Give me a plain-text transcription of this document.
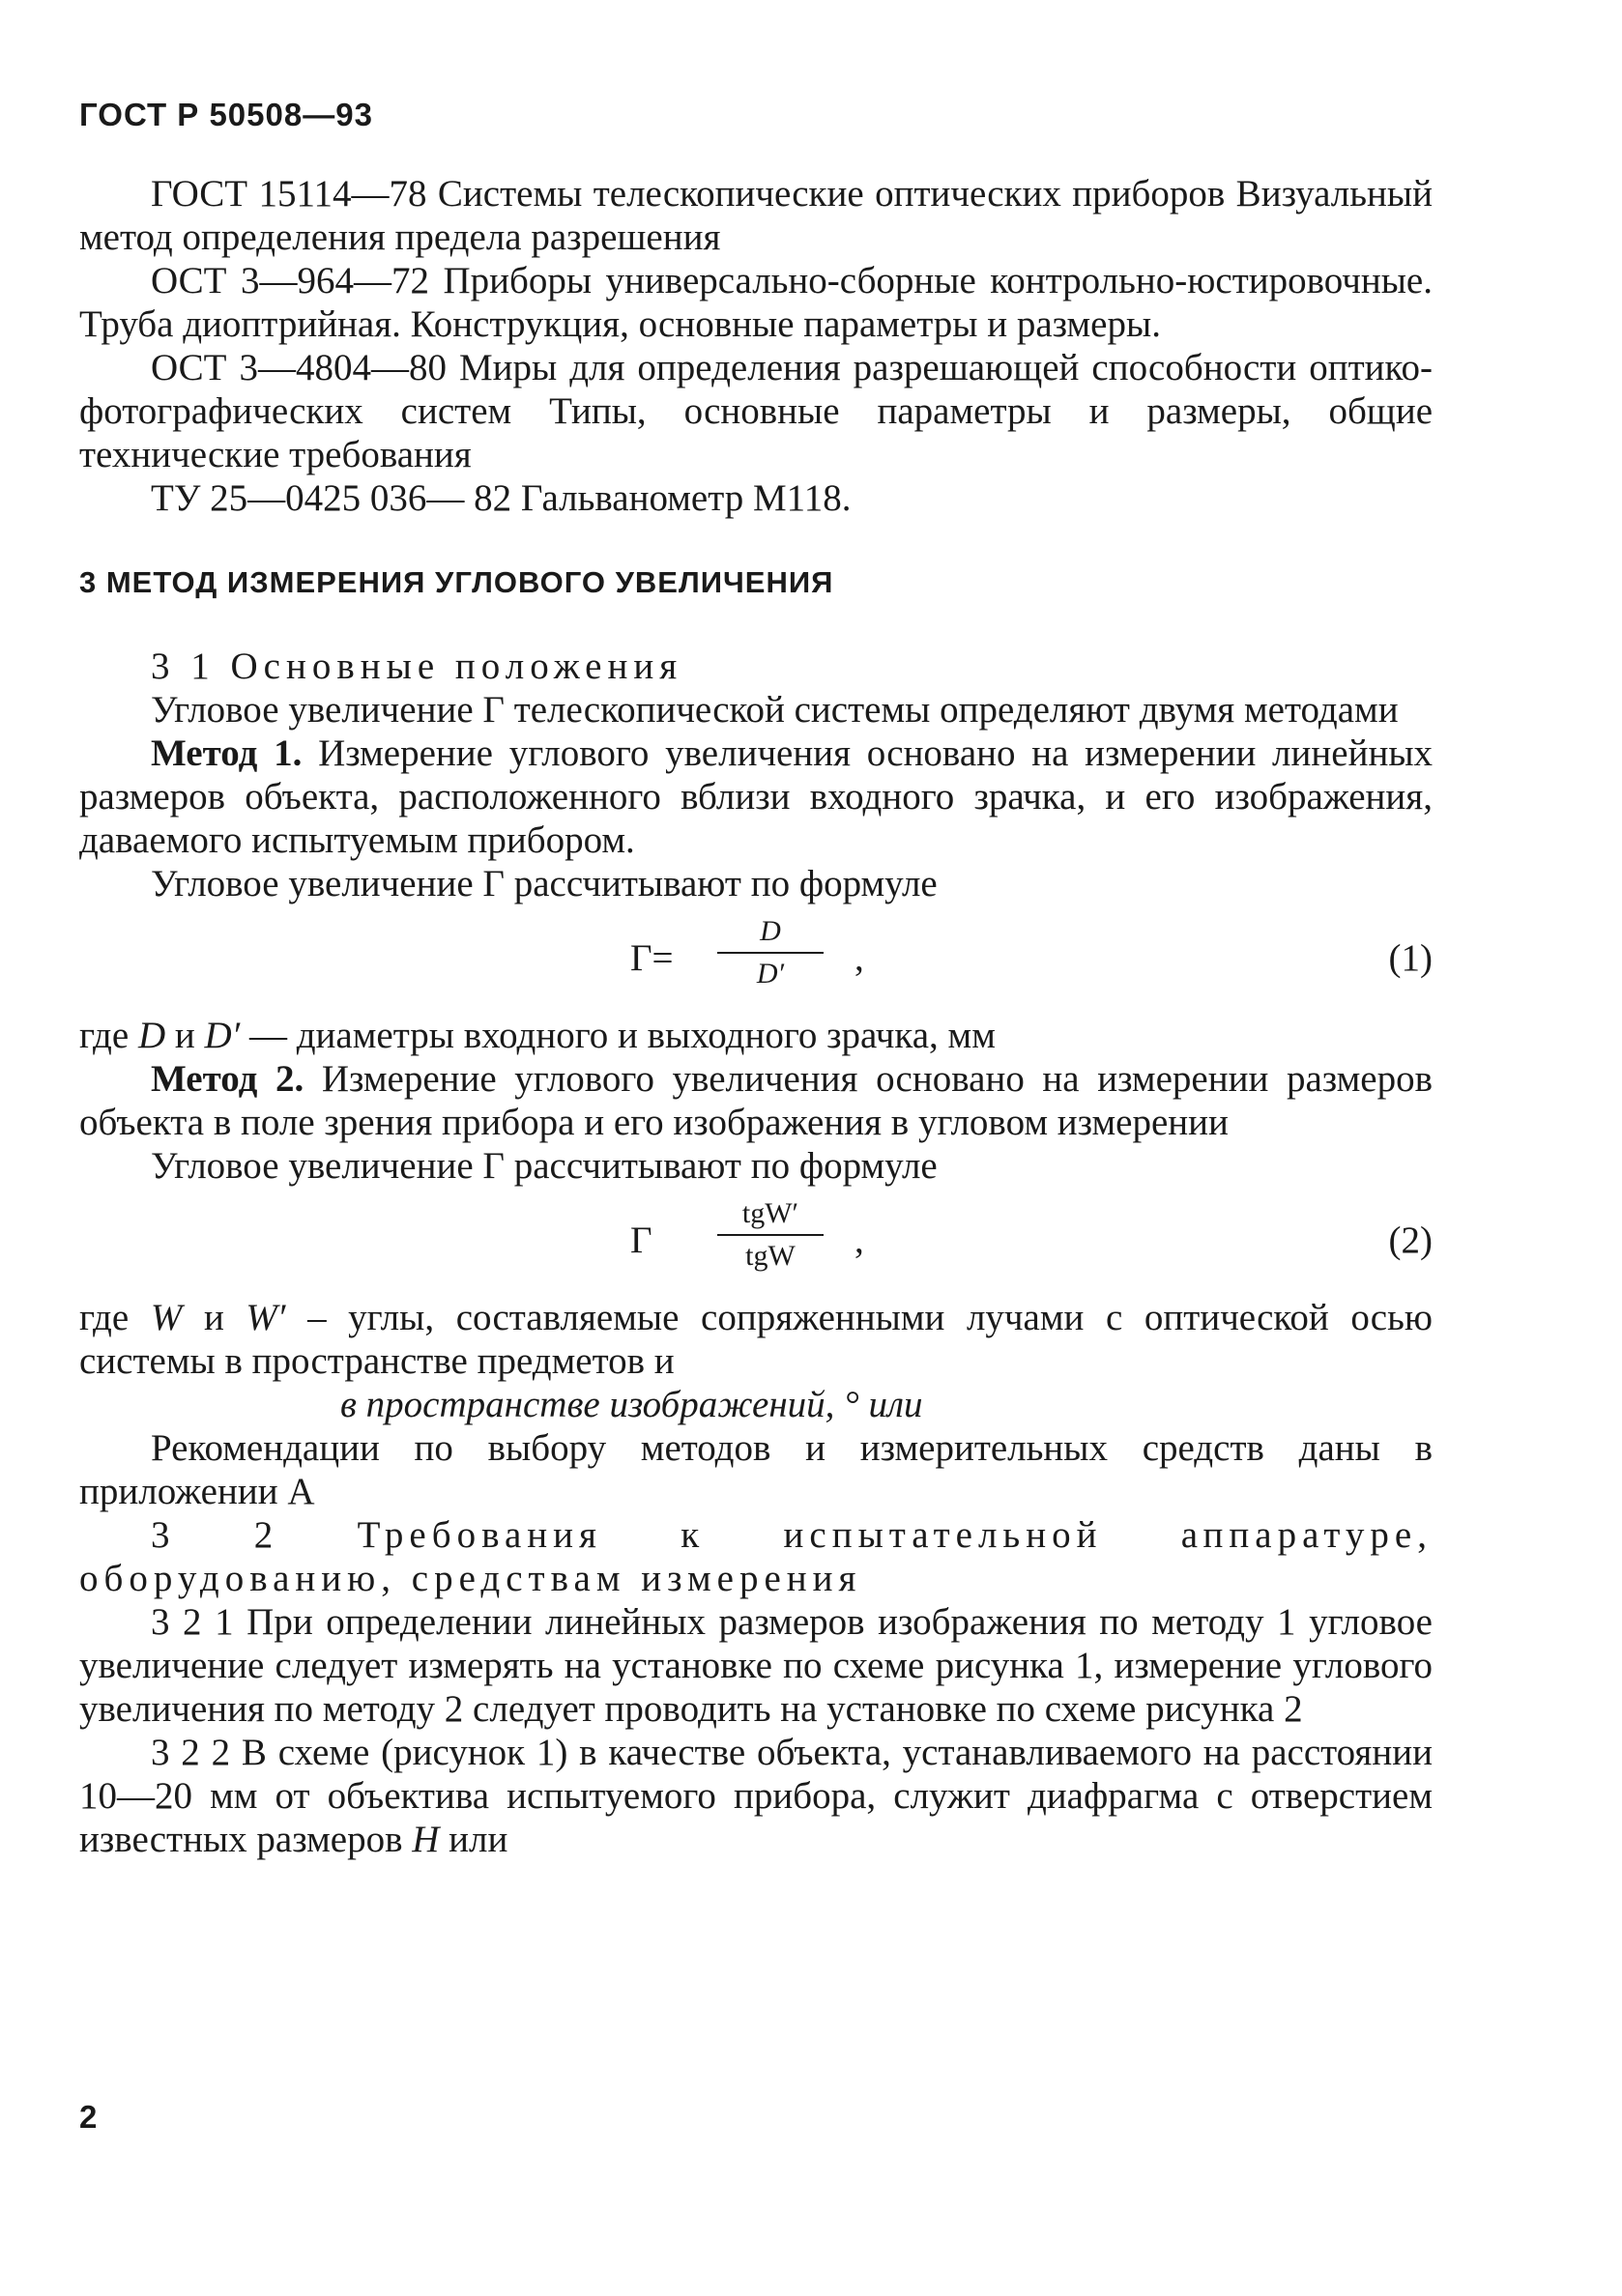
ГОСТ Р 50508—93

ГОСТ 15114—78 Системы телескопические оптических приборов Визуальный метод определения предела разрешения

ОСТ 3—964—72 Приборы универсально-сборные контрольно-юстировочные. Труба диоптрийная. Конструкция, основные параметры и размеры.

ОСТ 3—4804—80 Миры для определения разрешающей способности оптико-фотографических систем Типы, основные параметры и размеры, общие технические требования

ТУ 25—0425 036— 82 Гальванометр М118.

3 МЕТОД ИЗМЕРЕНИЯ УГЛОВОГО УВЕЛИЧЕНИЯ

3 1 Основные положения

Угловое увеличение Г телескопической системы определяют двумя методами

Метод 1. Измерение углового увеличения основано на измерении линейных размеров объекта, расположенного вблизи входного зрачка, и его изображения, даваемого испытуемым прибором.

Угловое увеличение Г рассчитывают по формуле

Г=
D
D′	,	(1)

где D и D′ — диаметры входного и выходного зрачка, мм

Метод 2. Измерение углового увеличения основано на измерении размеров объекта в поле зрения прибора и его изображения в угловом измерении

Угловое увеличение Г рассчитывают по формуле

Г
tgW′
tgW	,	(2)

где W и W′ – углы, составляемые сопряженными лучами с оптической осью системы в пространстве предметов и

в пространстве изображений, ° или

Рекомендации по выбору методов и измерительных средств даны в приложении А

3 2 Требования к испытательной аппаратуре, оборудованию, средствам измерения

3 2 1 При определении линейных размеров изображения по методу 1 угловое увеличение следует измерять на установке по схеме рисунка 1, измерение углового увеличения по методу 2 следует проводить на установке по схеме рисунка 2

3 2 2 В схеме (рисунок 1) в качестве объекта, устанавливаемого на расстоянии 10—20 мм от объектива испытуемого прибора, служит диафрагма с отверстием известных размеров H или

2
